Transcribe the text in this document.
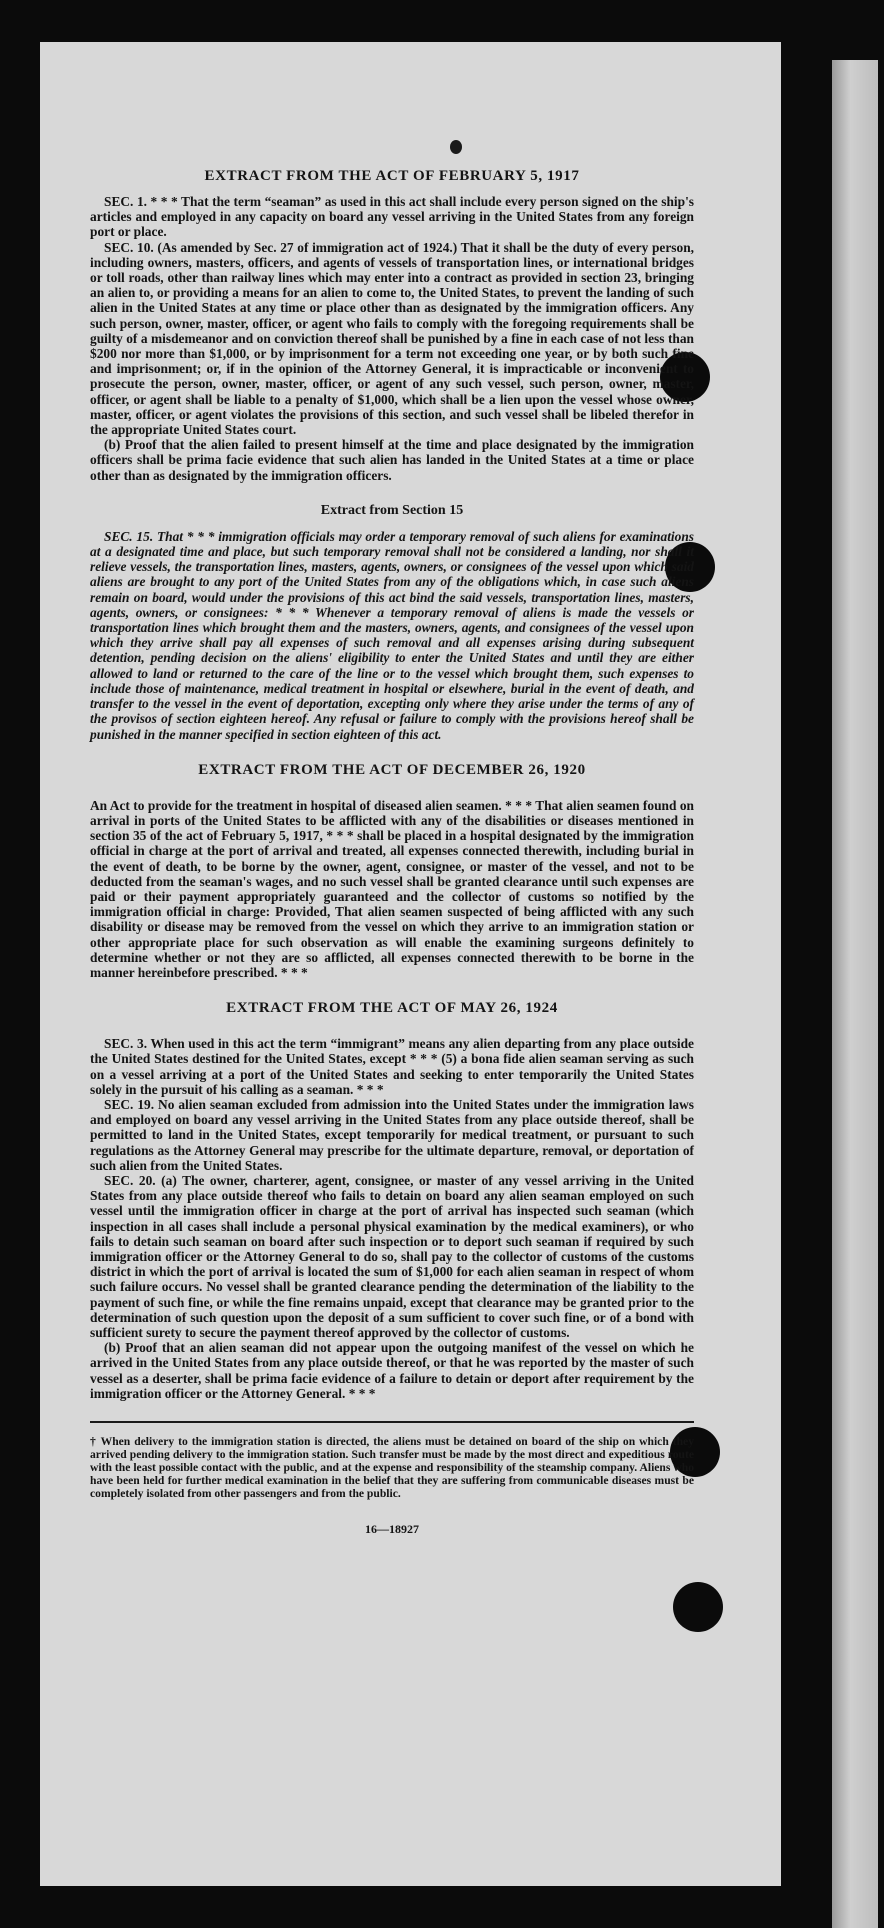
EXTRACT FROM THE ACT OF FEBRUARY 5, 1917

SEC. 1. * * * That the term “seaman” as used in this act shall include every person signed on the ship's articles and employed in any capacity on board any vessel arriving in the United States from any foreign port or place.

SEC. 10. (As amended by Sec. 27 of immigration act of 1924.) That it shall be the duty of every person, including owners, masters, officers, and agents of vessels of transportation lines, or international bridges or toll roads, other than railway lines which may enter into a contract as provided in section 23, bringing an alien to, or providing a means for an alien to come to, the United States, to prevent the landing of such alien in the United States at any time or place other than as designated by the immigration officers. Any such person, owner, master, officer, or agent who fails to comply with the foregoing requirements shall be guilty of a misdemeanor and on conviction thereof shall be punished by a fine in each case of not less than $200 nor more than $1,000, or by imprisonment for a term not exceeding one year, or by both such fine and imprisonment; or, if in the opinion of the Attorney General, it is impracticable or inconvenient to prosecute the person, owner, master, officer, or agent of any such vessel, such person, owner, master, officer, or agent shall be liable to a penalty of $1,000, which shall be a lien upon the vessel whose owner, master, officer, or agent violates the provisions of this section, and such vessel shall be libeled therefor in the appropriate United States court.

(b) Proof that the alien failed to present himself at the time and place designated by the immigration officers shall be prima facie evidence that such alien has landed in the United States at a time or place other than as designated by the immigration officers.

Extract from Section 15

SEC. 15. That * * * immigration officials may order a temporary removal of such aliens for examinations at a designated time and place, but such temporary removal shall not be considered a landing, nor shall it relieve vessels, the transportation lines, masters, agents, owners, or consignees of the vessel upon which said aliens are brought to any port of the United States from any of the obligations which, in case such aliens remain on board, would under the provisions of this act bind the said vessels, transportation lines, masters, agents, owners, or consignees: * * * Whenever a temporary removal of aliens is made the vessels or transportation lines which brought them and the masters, owners, agents, and consignees of the vessel upon which they arrive shall pay all expenses of such removal and all expenses arising during subsequent detention, pending decision on the aliens' eligibility to enter the United States and until they are either allowed to land or returned to the care of the line or to the vessel which brought them, such expenses to include those of maintenance, medical treatment in hospital or elsewhere, burial in the event of death, and transfer to the vessel in the event of deportation, excepting only where they arise under the terms of any of the provisos of section eighteen hereof. Any refusal or failure to comply with the provisions hereof shall be punished in the manner specified in section eighteen of this act.

EXTRACT FROM THE ACT OF DECEMBER 26, 1920

An Act to provide for the treatment in hospital of diseased alien seamen. * * * That alien seamen found on arrival in ports of the United States to be afflicted with any of the disabilities or diseases mentioned in section 35 of the act of February 5, 1917, * * * shall be placed in a hospital designated by the immigration official in charge at the port of arrival and treated, all expenses connected therewith, including burial in the event of death, to be borne by the owner, agent, consignee, or master of the vessel, and not to be deducted from the seaman's wages, and no such vessel shall be granted clearance until such expenses are paid or their payment appropriately guaranteed and the collector of customs so notified by the immigration official in charge: Provided, That alien seamen suspected of being afflicted with any such disability or disease may be removed from the vessel on which they arrive to an immigration station or other appropriate place for such observation as will enable the examining surgeons definitely to determine whether or not they are so afflicted, all expenses connected therewith to be borne in the manner hereinbefore prescribed. * * *

EXTRACT FROM THE ACT OF MAY 26, 1924

SEC. 3. When used in this act the term “immigrant” means any alien departing from any place outside the United States destined for the United States, except * * * (5) a bona fide alien seaman serving as such on a vessel arriving at a port of the United States and seeking to enter temporarily the United States solely in the pursuit of his calling as a seaman. * * *

SEC. 19. No alien seaman excluded from admission into the United States under the immigration laws and employed on board any vessel arriving in the United States from any place outside thereof, shall be permitted to land in the United States, except temporarily for medical treatment, or pursuant to such regulations as the Attorney General may prescribe for the ultimate departure, removal, or deportation of such alien from the United States.

SEC. 20. (a) The owner, charterer, agent, consignee, or master of any vessel arriving in the United States from any place outside thereof who fails to detain on board any alien seaman employed on such vessel until the immigration officer in charge at the port of arrival has inspected such seaman (which inspection in all cases shall include a personal physical examination by the medical examiners), or who fails to detain such seaman on board after such inspection or to deport such seaman if required by such immigration officer or the Attorney General to do so, shall pay to the collector of customs of the customs district in which the port of arrival is located the sum of $1,000 for each alien seaman in respect of whom such failure occurs. No vessel shall be granted clearance pending the determination of the liability to the payment of such fine, or while the fine remains unpaid, except that clearance may be granted prior to the determination of such question upon the deposit of a sum sufficient to cover such fine, or of a bond with sufficient surety to secure the payment thereof approved by the collector of customs.

(b) Proof that an alien seaman did not appear upon the outgoing manifest of the vessel on which he arrived in the United States from any place outside thereof, or that he was reported by the master of such vessel as a deserter, shall be prima facie evidence of a failure to detain or deport after requirement by the immigration officer or the Attorney General. * * *

† When delivery to the immigration station is directed, the aliens must be detained on board of the ship on which they arrived pending delivery to the immigration station. Such transfer must be made by the most direct and expeditious route with the least possible contact with the public, and at the expense and responsibility of the steamship company. Aliens who have been held for further medical examination in the belief that they are suffering from communicable diseases must be completely isolated from other passengers and from the public.

16—18927
